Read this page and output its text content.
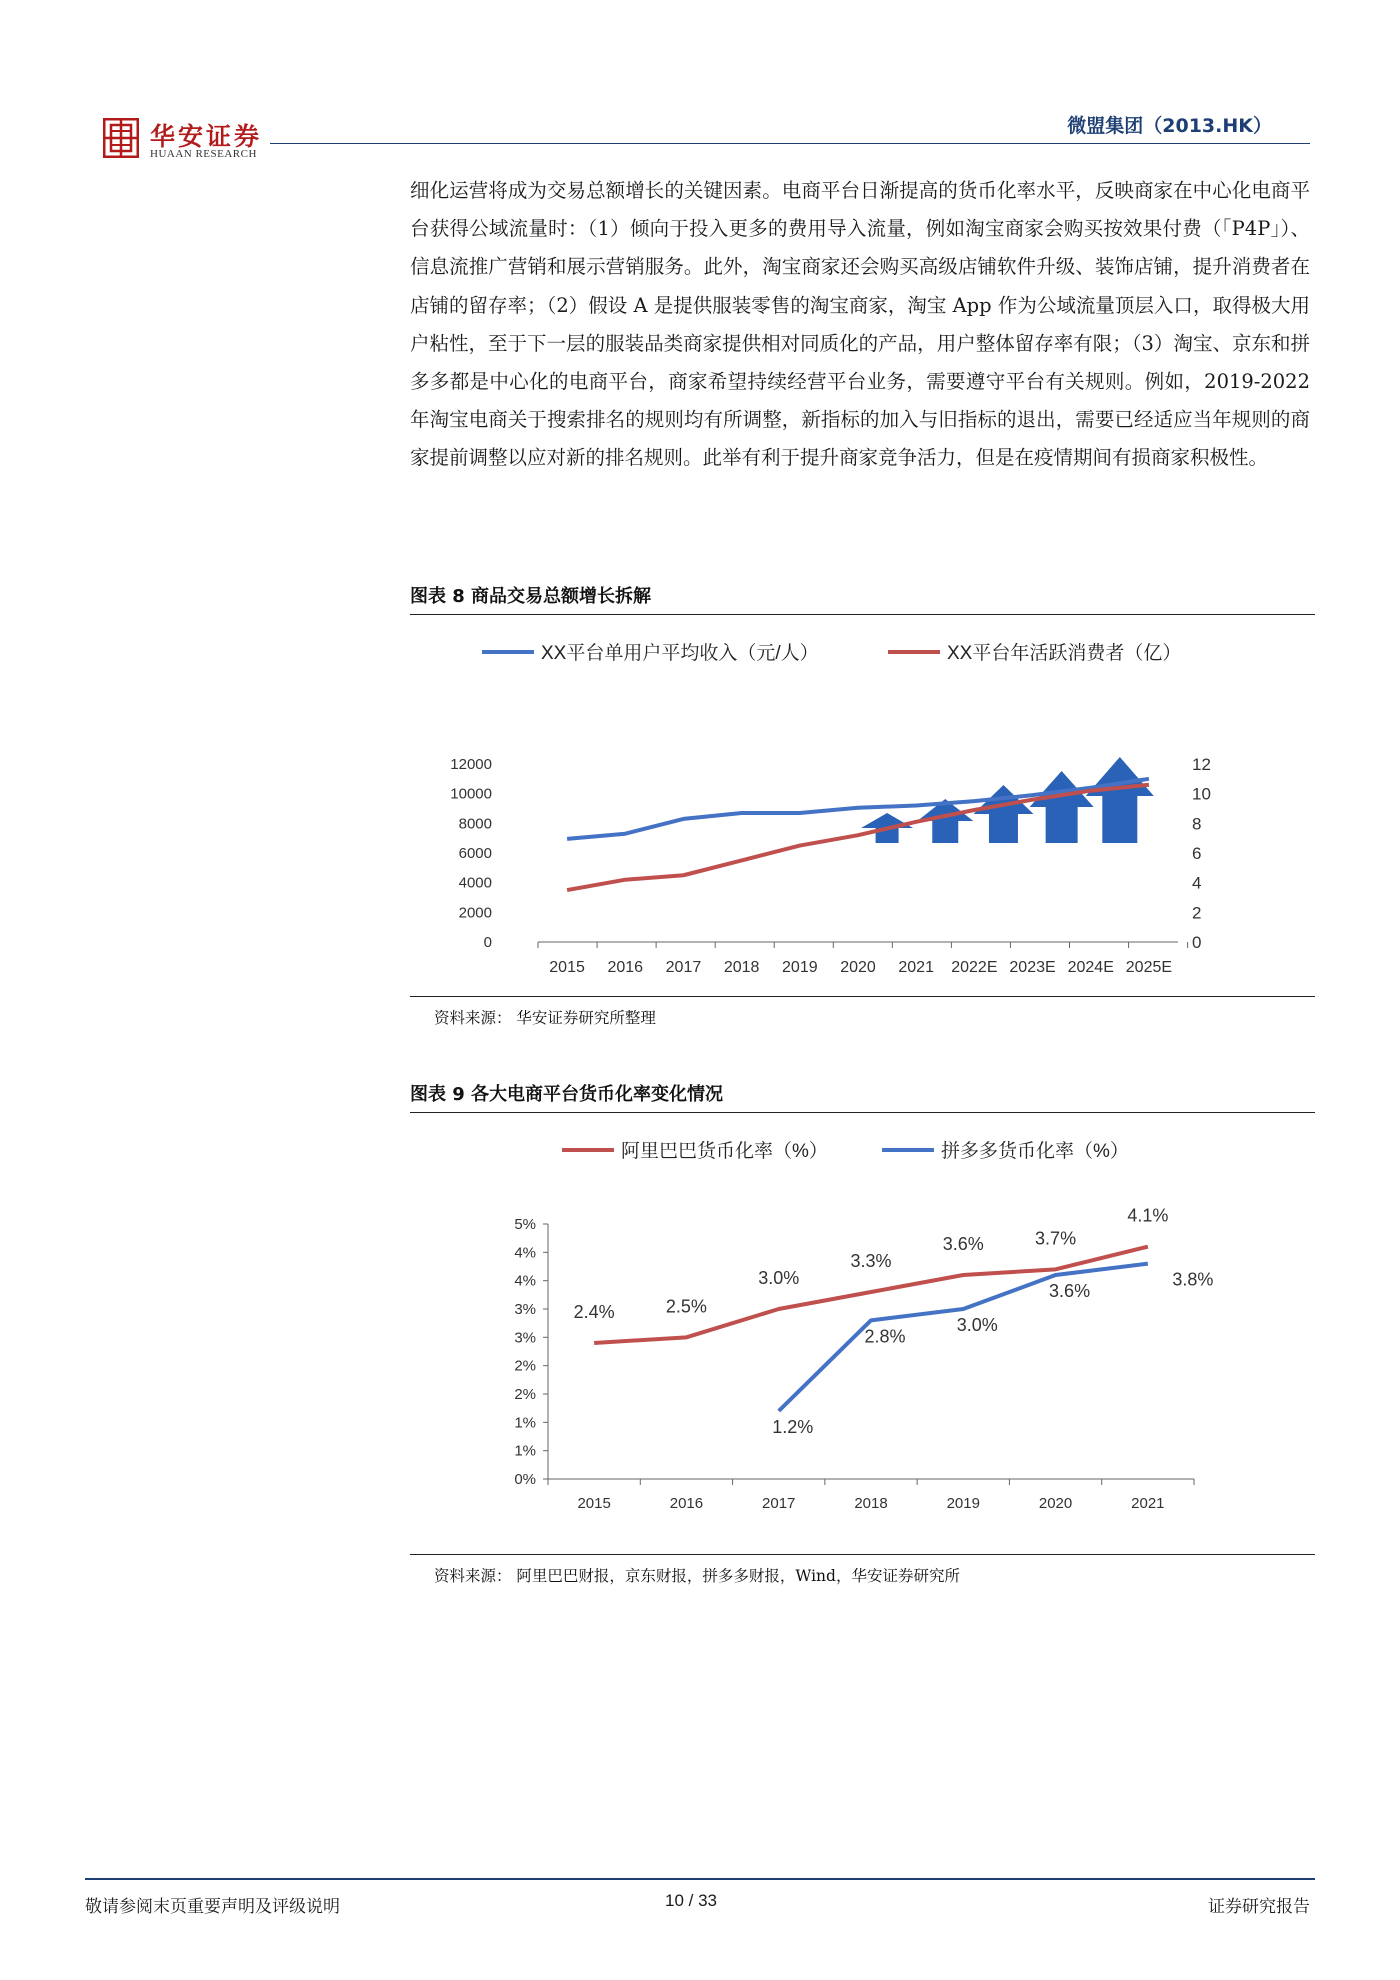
华安证券
HUAAN RESEARCH
微盟集团（2013.HK）

细化运营将成为交易总额增长的关键因素。电商平台日渐提高的货币化率水平，反映商家在中心化电商平台获得公域流量时：（1）倾向于投入更多的费用导入流量，例如淘宝商家会购买按效果付费（「P4P」）、信息流推广营销和展示营销服务。此外，淘宝商家还会购买高级店铺软件升级、装饰店铺，提升消费者在店铺的留存率；（2）假设 A 是提供服装零售的淘宝商家，淘宝 App 作为公域流量顶层入口，取得极大用户粘性，至于下一层的服装品类商家提供相对同质化的产品，用户整体留存率有限；（3）淘宝、京东和拼多多都是中心化的电商平台，商家希望持续经营平台业务，需要遵守平台有关规则。例如，2019-2022 年淘宝电商关于搜索排名的规则均有所调整，新指标的加入与旧指标的退出，需要已经适应当年规则的商家提前调整以应对新的排名规则。此举有利于提升商家竞争活力，但是在疫情期间有损商家积极性。

图表 8 商品交易总额增长拆解
XX平台单用户平均收入（元/人）	XX平台年活跃消费者（亿）
0
2000
4000
6000
8000
10000
12000
0
2
4
6
8
10
12
2015 2016 2017 2018 2019 2020 2021 2022E 2023E 2024E 2025E
资料来源： 华安证券研究所整理
图表 9 各大电商平台货币化率变化情况
阿里巴巴货币化率（%）	拼多多货币化率（%）
0%
1%
1%
2%
2%
3%
3%
4%
4%
5%
2015	2016	2017	2018	2019	2020	2021
2.4%	2.5%
3.0%
3.3%
3.6%	3.7%
4.1%
1.2%
2.8%
3.0%
3.6%
3.8%
资料来源： 阿里巴巴财报，京东财报，拼多多财报，Wind，华安证券研究所
敬请参阅末页重要声明及评级说明	10 / 33	证券研究报告
